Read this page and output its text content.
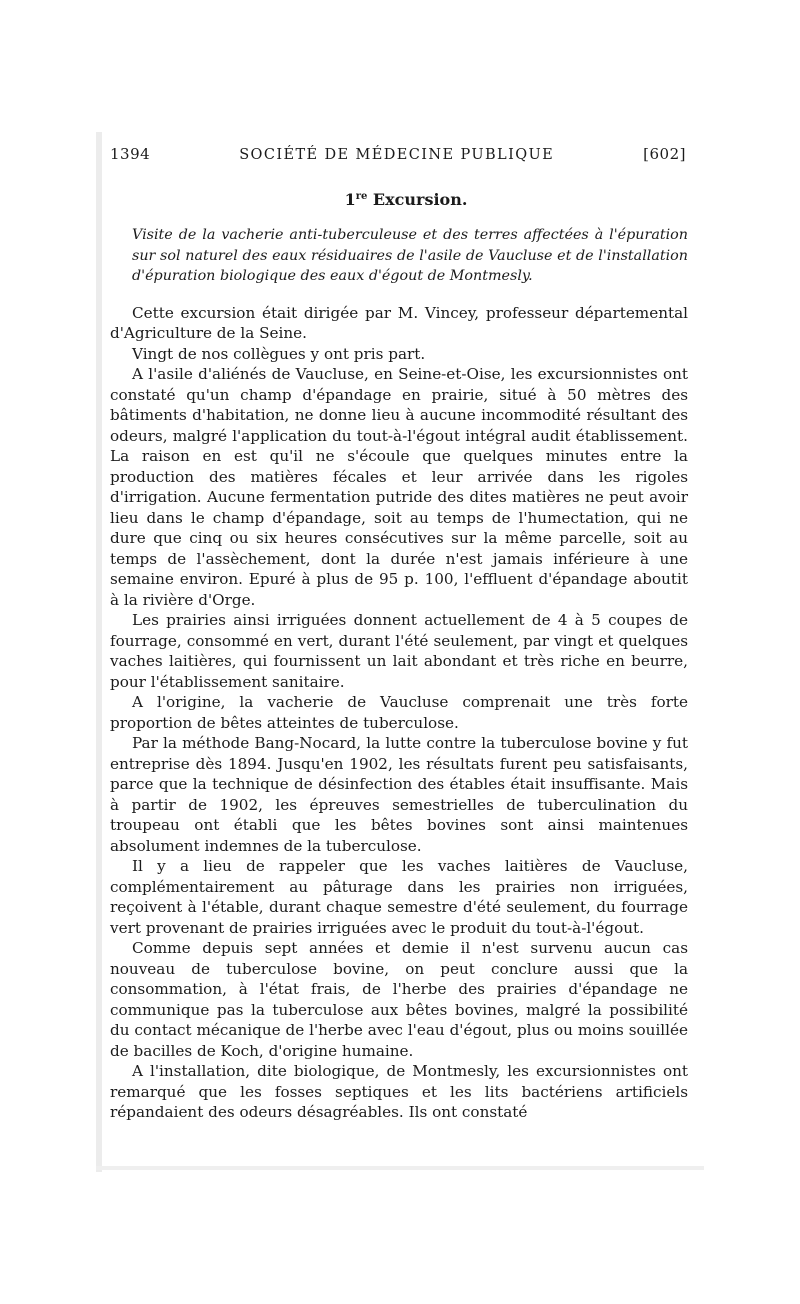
1394	SOCIÉTÉ DE MÉDECINE PUBLIQUE	[602]
1re Excursion.

Visite de la vacherie anti-tuberculeuse et des terres affectées à l'épuration sur sol naturel des eaux résiduaires de l'asile de Vaucluse et de l'installation d'épuration biologique des eaux d'égout de Montmesly.

Cette excursion était dirigée par M. Vincey, professeur départemental d'Agriculture de la Seine.

Vingt de nos collègues y ont pris part.

A l'asile d'aliénés de Vaucluse, en Seine-et-Oise, les excursionnistes ont constaté qu'un champ d'épandage en prairie, situé à 50 mètres des bâtiments d'habitation, ne donne lieu à aucune incommodité résultant des odeurs, malgré l'application du tout-à-l'égout intégral audit établissement. La raison en est qu'il ne s'écoule que quelques minutes entre la production des matières fécales et leur arrivée dans les rigoles d'irrigation. Aucune fermentation putride des dites matières ne peut avoir lieu dans le champ d'épandage, soit au temps de l'humectation, qui ne dure que cinq ou six heures consécutives sur la même parcelle, soit au temps de l'assèchement, dont la durée n'est jamais inférieure à une semaine environ. Epuré à plus de 95 p. 100, l'effluent d'épandage aboutit à la rivière d'Orge.

Les prairies ainsi irriguées donnent actuellement de 4 à 5 coupes de fourrage, consommé en vert, durant l'été seulement, par vingt et quelques vaches laitières, qui fournissent un lait abondant et très riche en beurre, pour l'établissement sanitaire.

A l'origine, la vacherie de Vaucluse comprenait une très forte proportion de bêtes atteintes de tuberculose.

Par la méthode Bang-Nocard, la lutte contre la tuberculose bovine y fut entreprise dès 1894. Jusqu'en 1902, les résultats furent peu satisfaisants, parce que la technique de désinfection des étables était insuffisante. Mais à partir de 1902, les épreuves semestrielles de tuberculination du troupeau ont établi que les bêtes bovines sont ainsi maintenues absolument indemnes de la tuberculose.

Il y a lieu de rappeler que les vaches laitières de Vaucluse, complémentairement au pâturage dans les prairies non irriguées, reçoivent à l'étable, durant chaque semestre d'été seulement, du fourrage vert provenant de prairies irriguées avec le produit du tout-à-l'égout.

Comme depuis sept années et demie il n'est survenu aucun cas nouveau de tuberculose bovine, on peut conclure aussi que la consommation, à l'état frais, de l'herbe des prairies d'épandage ne communique pas la tuberculose aux bêtes bovines, malgré la possibilité du contact mécanique de l'herbe avec l'eau d'égout, plus ou moins souillée de bacilles de Koch, d'origine humaine.

A l'installation, dite biologique, de Montmesly, les excursionnistes ont remarqué que les fosses septiques et les lits bactériens artificiels répandaient des odeurs désagréables. Ils ont constaté
